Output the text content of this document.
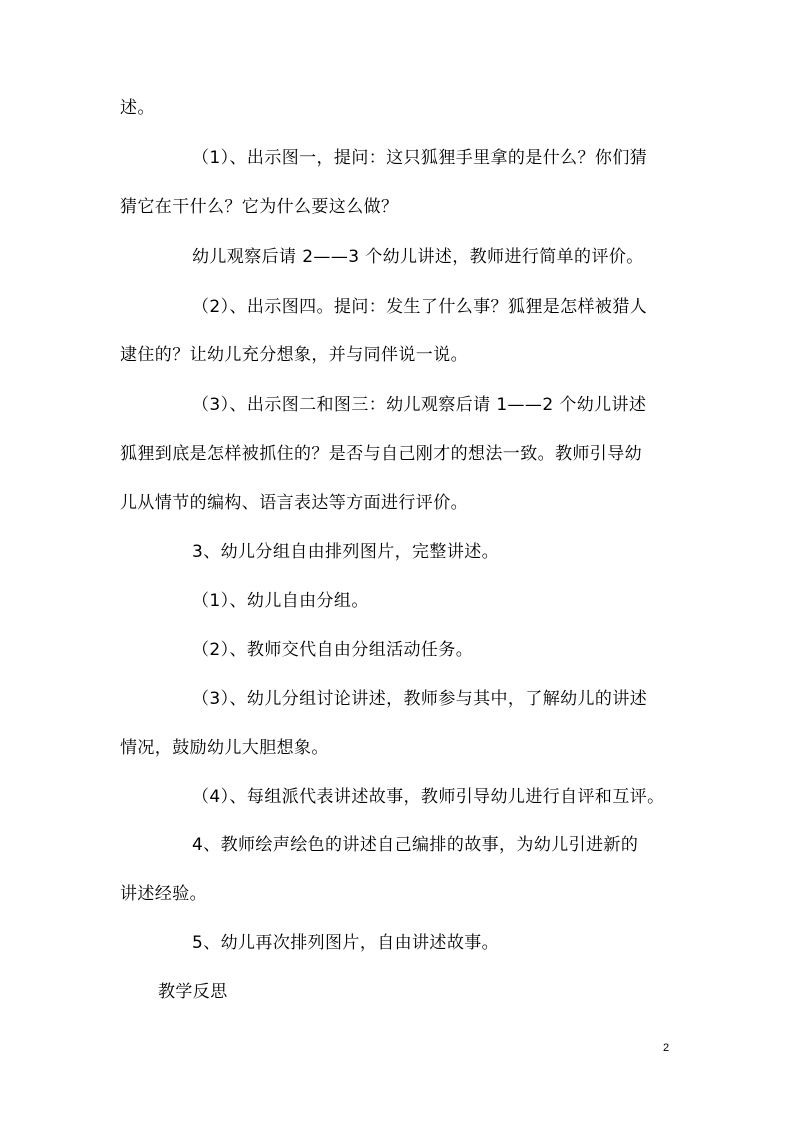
述。
（1）、出示图一，提问：这只狐狸手里拿的是什么？你们猜
猜它在干什么？它为什么要这么做？
幼儿观察后请 2——3 个幼儿讲述，教师进行简单的评价。
（2）、出示图四。提问：发生了什么事？狐狸是怎样被猎人
逮住的？让幼儿充分想象，并与同伴说一说。
（3）、出示图二和图三：幼儿观察后请 1——2 个幼儿讲述
狐狸到底是怎样被抓住的？是否与自己刚才的想法一致。教师引导幼
儿从情节的编构、语言表达等方面进行评价。
3、幼儿分组自由排列图片，完整讲述。
（1）、幼儿自由分组。
（2）、教师交代自由分组活动任务。
（3）、幼儿分组讨论讲述，教师参与其中，了解幼儿的讲述
情况，鼓励幼儿大胆想象。
（4）、每组派代表讲述故事，教师引导幼儿进行自评和互评。
4、教师绘声绘色的讲述自己编排的故事，为幼儿引进新的
讲述经验。
5、幼儿再次排列图片，自由讲述故事。
教学反思
2
